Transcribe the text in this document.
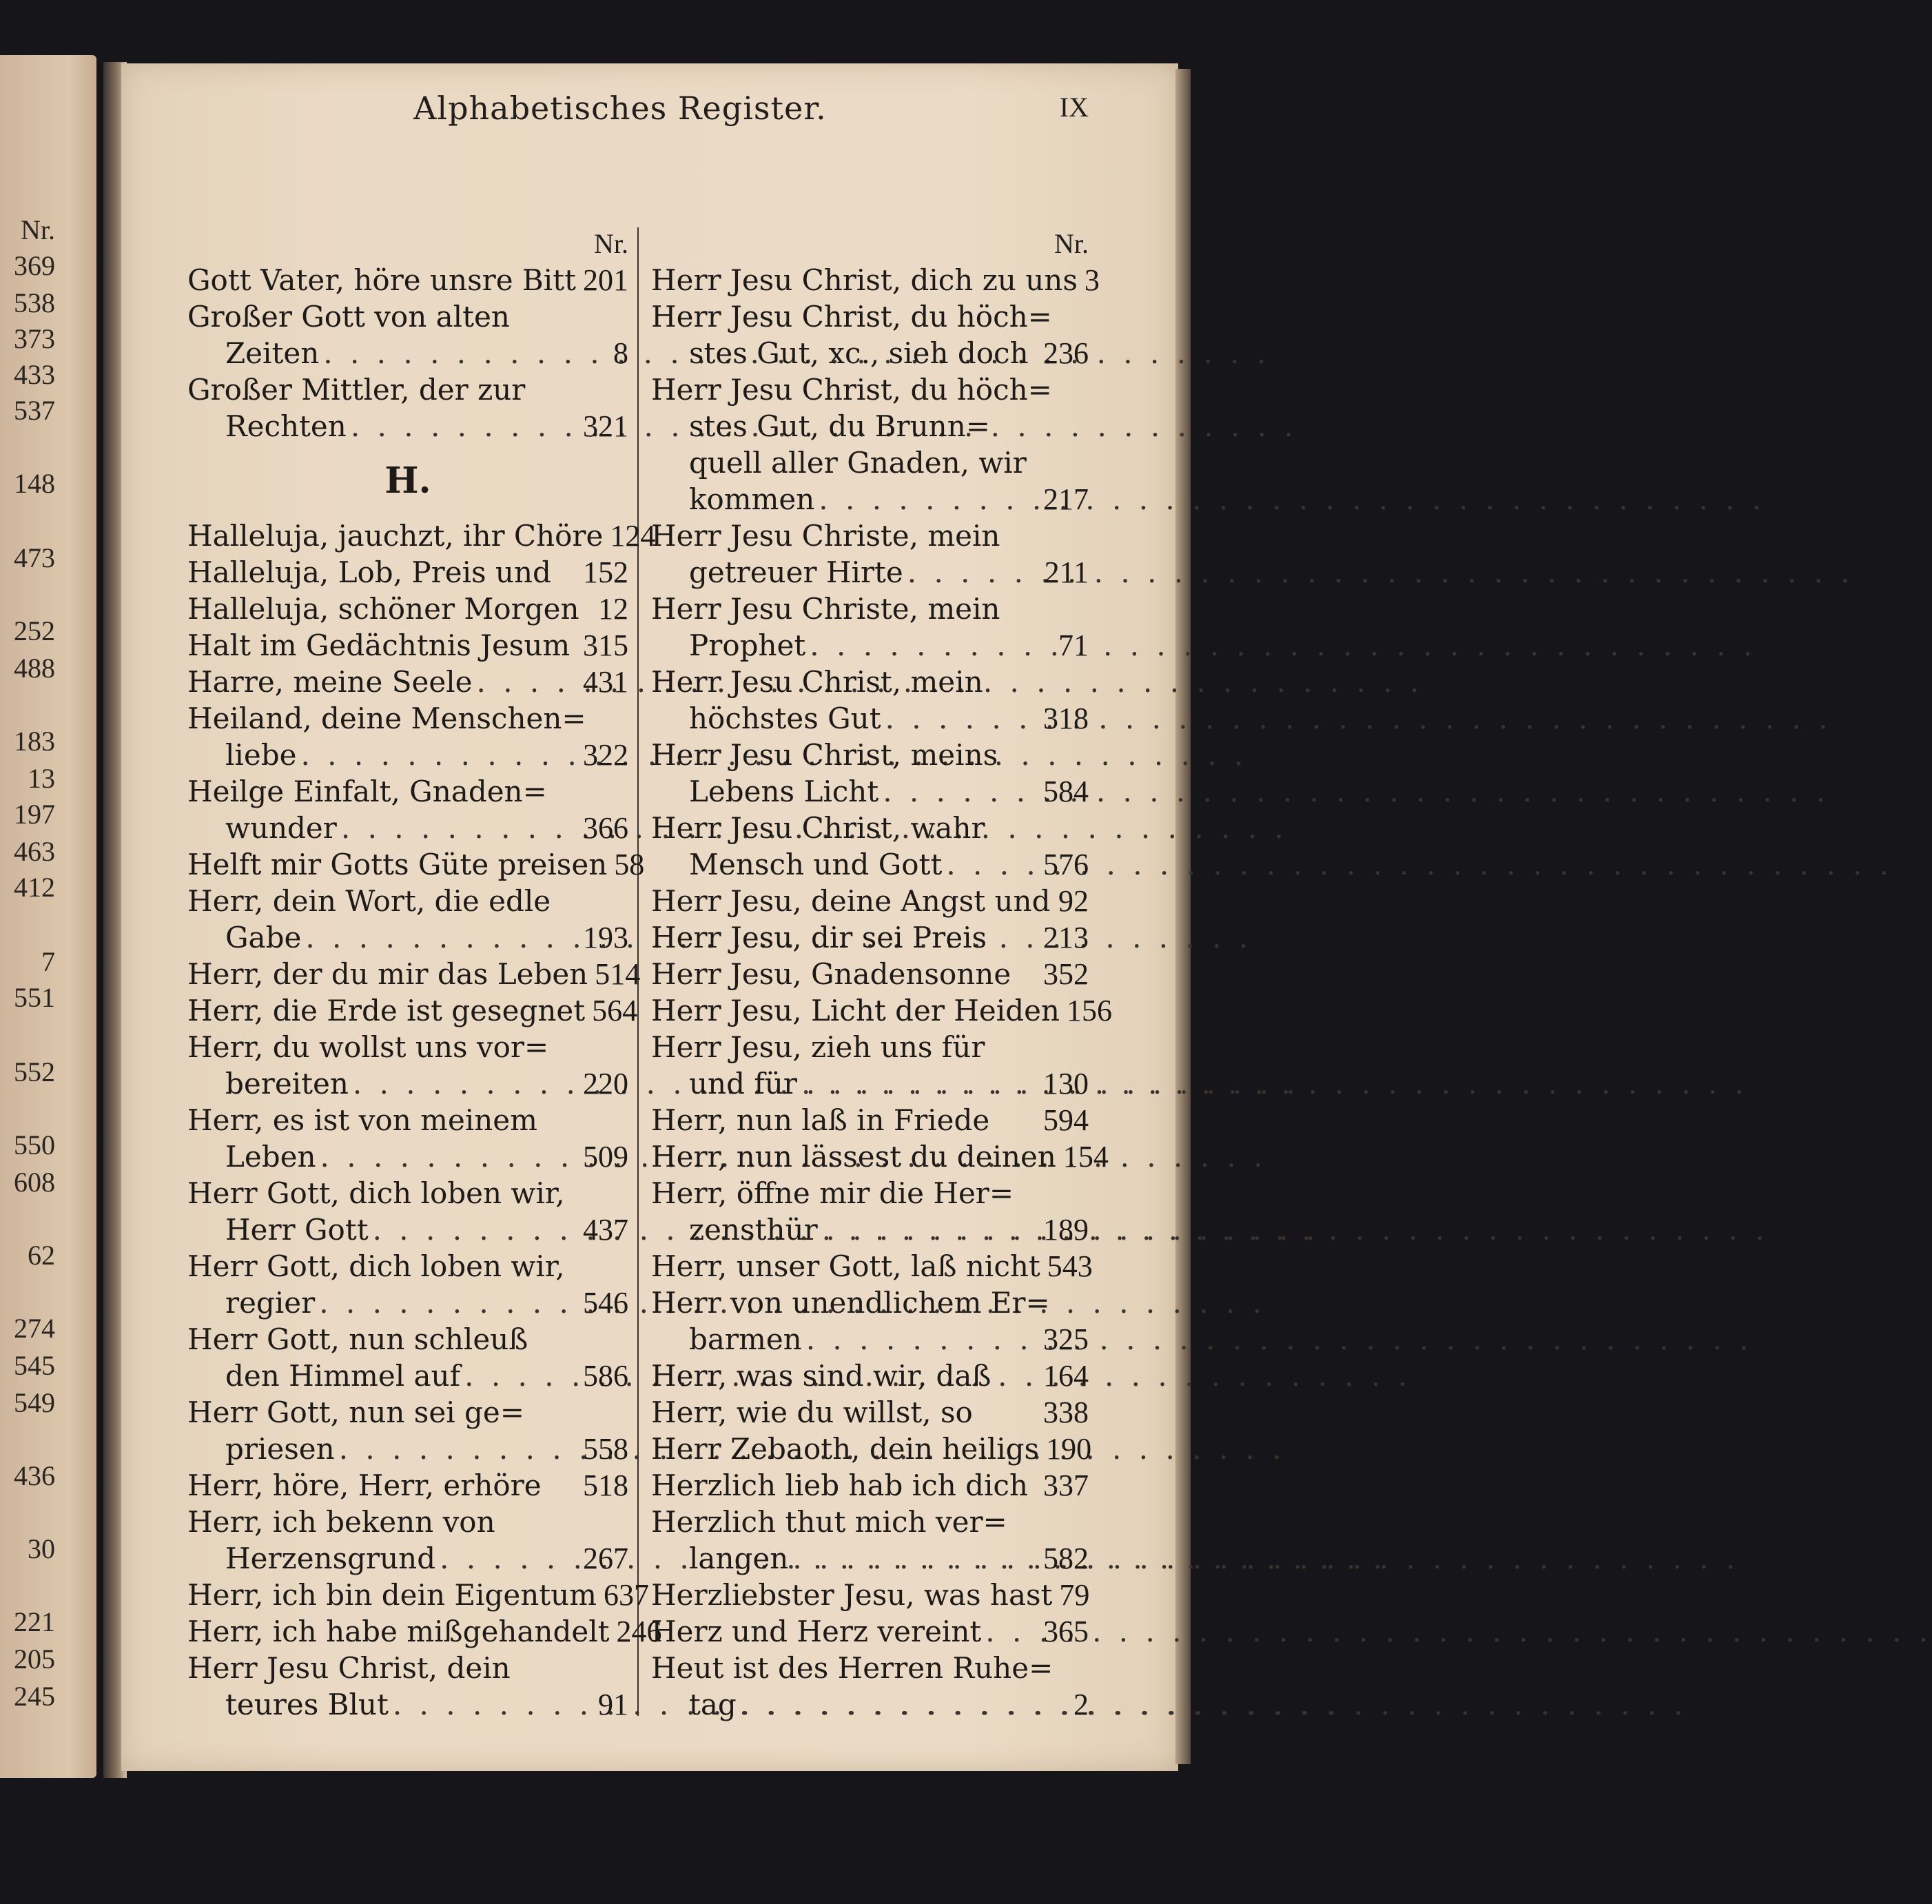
Nr.
369
538
373
433
537
148
473
252
488
183
13
197
463
412
7
551
552
550
608
62
274
545
549
436
30
221
205
245
Alphabetisches Register.	IX
Nr.
Gott Vater, höre unsre Bitt 201
Großer Gott von alten
Zeiten . . .	8
Großer Mittler, der zur
Rechten . . .	321
H.
Halleluja, jauchzt, ihr Chöre 124
Halleluja, Lob, Preis und 152
Halleluja, schöner Morgen 12
Halt im Gedächtnis Jesum 315
Harre, meine Seele . . .	431
Heiland, deine Menschen=
liebe . . .	322
Heilge Einfalt, Gnaden=
wunder . . .	366
Helft mir Gotts Güte preisen 58
Herr, dein Wort, die edle
Gabe . . .	193
Herr, der du mir das Leben 514
Herr, die Erde ist gesegnet 564
Herr, du wollst uns vor=
bereiten . . .	220
Herr, es ist von meinem
Leben . . .	509
Herr Gott, dich loben wir,
Herr Gott . . .	437
Herr Gott, dich loben wir,
regier . . .	546
Herr Gott, nun schleuß
den Himmel auf . . .	586
Herr Gott, nun sei ge=
priesen . . .	558
Herr, höre, Herr, erhöre 518
Herr, ich bekenn von
Herzensgrund . . .	267
Herr, ich bin dein Eigentum 637
Herr, ich habe mißgehandelt 246
Herr Jesu Christ, dein
teures Blut . . .	91
Nr.
Herr Jesu Christ, dich zu uns 3
Herr Jesu Christ, du höch=
stes Gut, xc., sieh doch 236
Herr Jesu Christ, du höch=
stes Gut, du Brunn=
quell aller Gnaden, wir
kommen . . .	217
Herr Jesu Christe, mein
getreuer Hirte . . .	211
Herr Jesu Christe, mein
Prophet . . .	71
Herr Jesu Christ, mein
höchstes Gut . . .	318
Herr Jesu Christ, meins
Lebens Licht . . .	584
Herr Jesu Christ, wahr
Mensch und Gott . . .	576
Herr Jesu, deine Angst und 92
Herr Jesu, dir sei Preis 213
Herr Jesu, Gnadensonne 352
Herr Jesu, Licht der Heiden 156
Herr Jesu, zieh uns für
und für . . .	130
Herr, nun laß in Friede 594
Herr, nun lässest du deinen 154
Herr, öffne mir die Her=
zensthür . . .	189
Herr, unser Gott, laß nicht 543
Herr von unendlichem Er=
barmen . . .	325
Herr, was sind wir, daß 164
Herr, wie du willst, so 338
Herr Zebaoth, dein heiligs 190
Herzlich lieb hab ich dich 337
Herzlich thut mich ver=
langen . . .	582
Herzliebster Jesu, was hast 79
Herz und Herz vereint . . . 365
Heut ist des Herren Ruhe=
tag . . .	2
